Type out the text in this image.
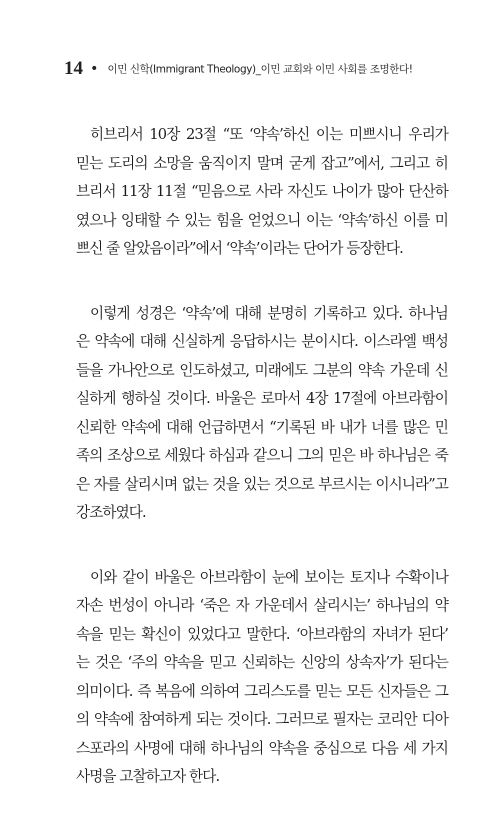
14 • 이민 신학(Immigrant Theology)_이민 교회와 이민 사회를 조명한다!
히브리서 10장 23절 “또 ‘약속’하신 이는 미쁘시니 우리가
믿는 도리의 소망을 움직이지 말며 굳게 잡고”에서, 그리고 히
브리서 11장 11절 “믿음으로 사라 자신도 나이가 많아 단산하
였으나 잉태할 수 있는 힘을 얻었으니 이는 ‘약속’하신 이를 미
쁘신 줄 알았음이라”에서 ‘약속’이라는 단어가 등장한다.
이렇게 성경은 ‘약속’에 대해 분명히 기록하고 있다. 하나님
은 약속에 대해 신실하게 응답하시는 분이시다. 이스라엘 백성
들을 가나안으로 인도하셨고, 미래에도 그분의 약속 가운데 신
실하게 행하실 것이다. 바울은 로마서 4장 17절에 아브라함이
신뢰한 약속에 대해 언급하면서 “기록된 바 내가 너를 많은 민
족의 조상으로 세웠다 하심과 같으니 그의 믿은 바 하나님은 죽
은 자를 살리시며 없는 것을 있는 것으로 부르시는 이시니라”고
강조하였다.
이와 같이 바울은 아브라함이 눈에 보이는 토지나 수확이나
자손 번성이 아니라 ‘죽은 자 가운데서 살리시는’ 하나님의 약
속을 믿는 확신이 있었다고 말한다. ‘아브라함의 자녀가 된다’
는 것은 ‘주의 약속을 믿고 신뢰하는 신앙의 상속자’가 된다는
의미이다. 즉 복음에 의하여 그리스도를 믿는 모든 신자들은 그
의 약속에 참여하게 되는 것이다. 그러므로 필자는 코리안 디아
스포라의 사명에 대해 하나님의 약속을 중심으로 다음 세 가지
사명을 고찰하고자 한다.
